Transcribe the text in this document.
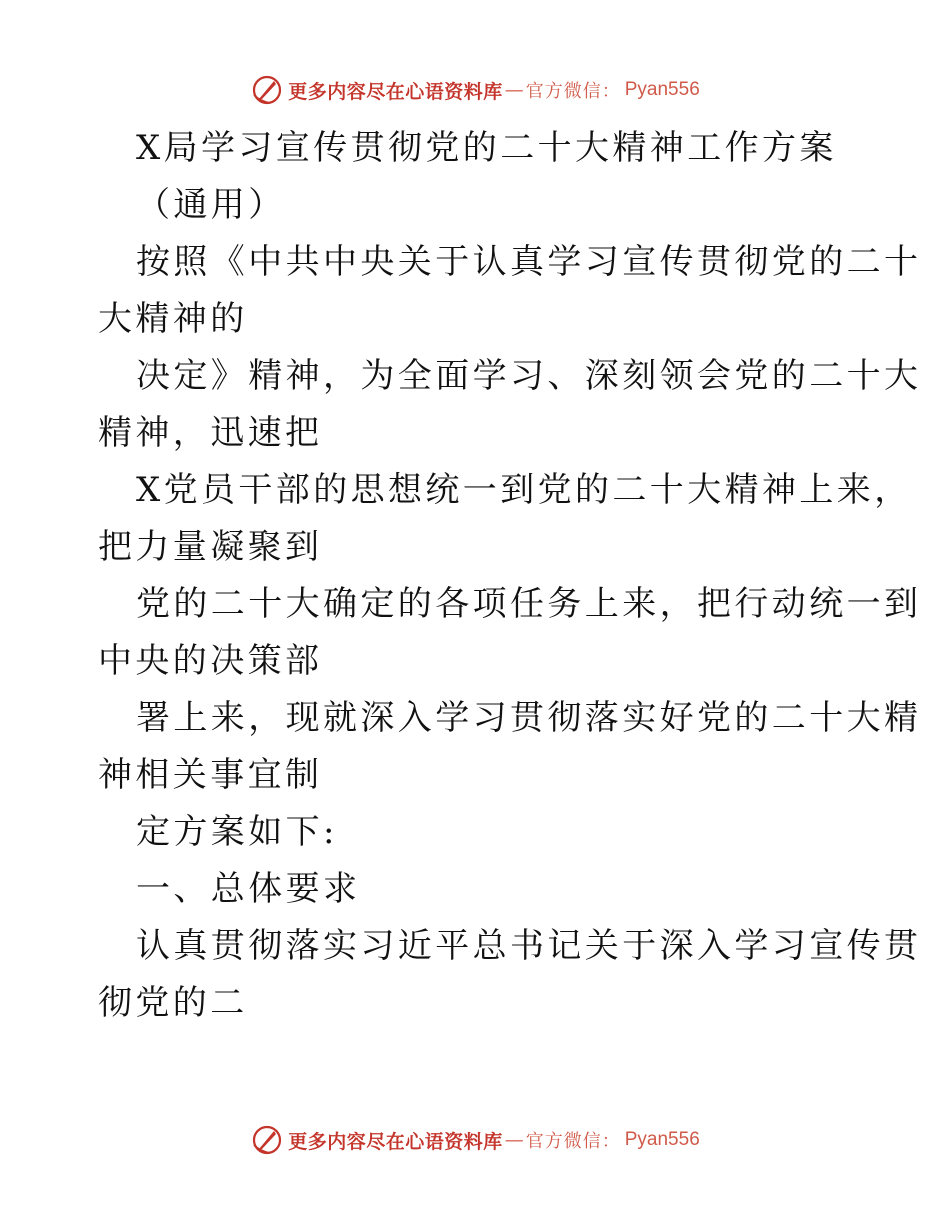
更多内容尽在心语资料库 — 官方微信： Pyan556
X局学习宣传贯彻党的二十大精神工作方案
（通用）
按照《中共中央关于认真学习宣传贯彻党的二十
大精神的
决定》精神，为全面学习、深刻领会党的二十大
精神，迅速把
X党员干部的思想统一到党的二十大精神上来，
把力量凝聚到
党的二十大确定的各项任务上来，把行动统一到
中央的决策部
署上来，现就深入学习贯彻落实好党的二十大精
神相关事宜制
定方案如下:
一、总体要求
认真贯彻落实习近平总书记关于深入学习宣传贯
彻党的二
更多内容尽在心语资料库 — 官方微信： Pyan556
